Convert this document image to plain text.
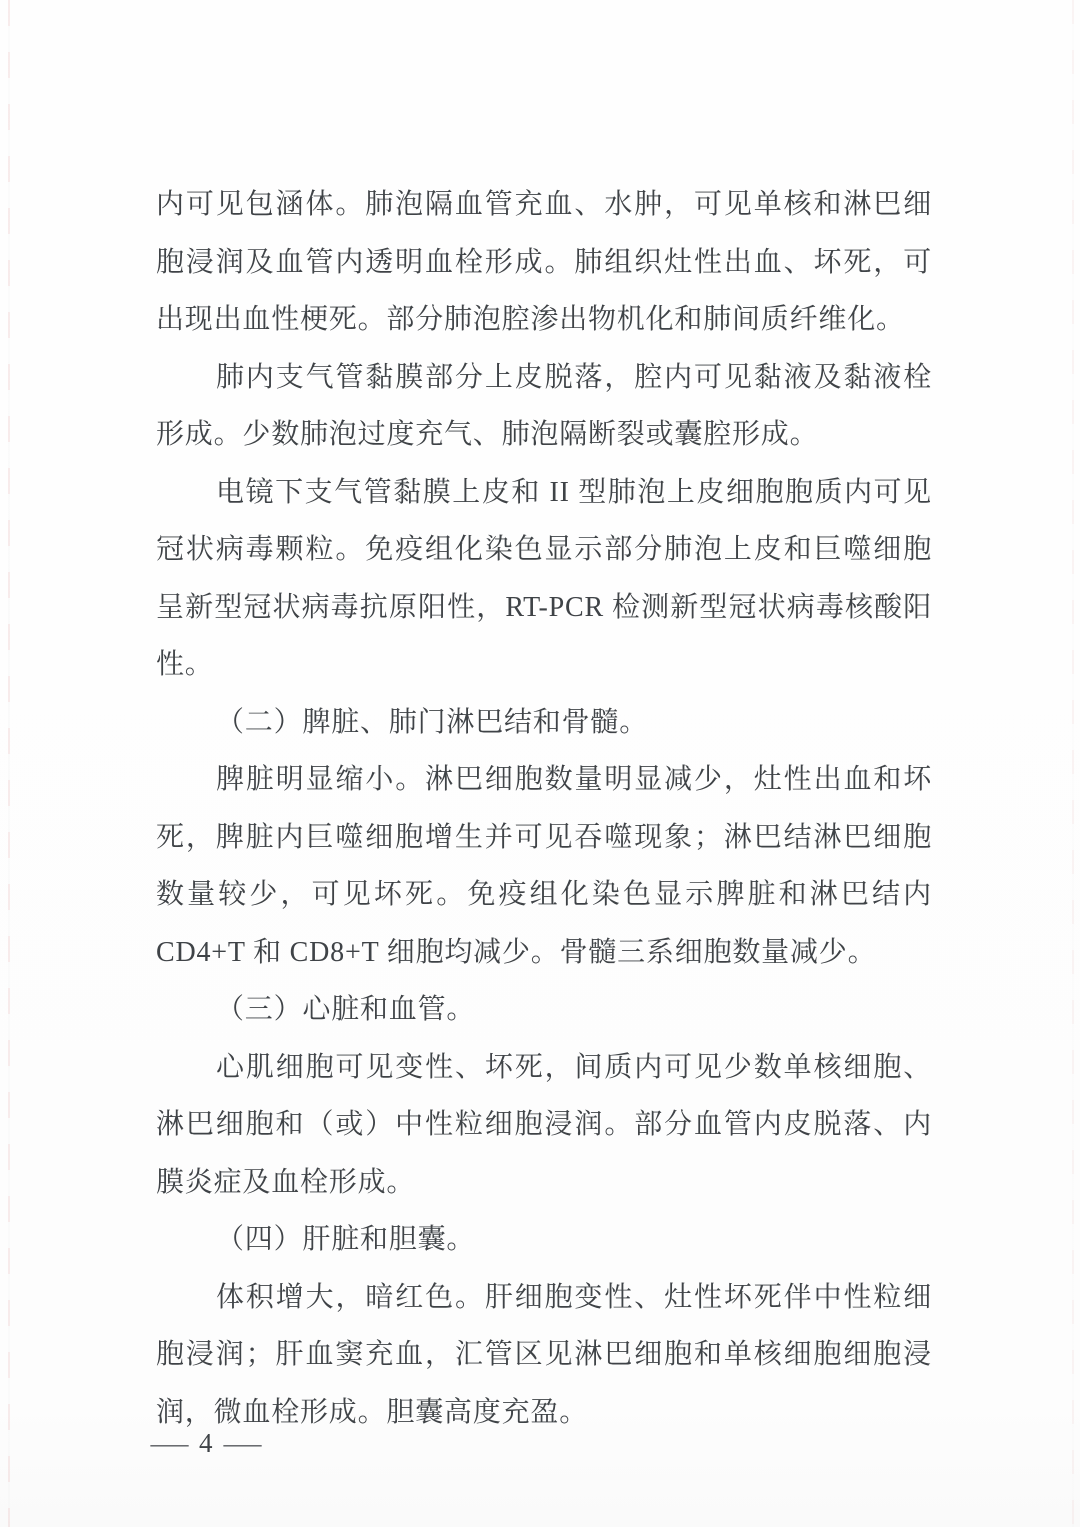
内可见包涵体。肺泡隔血管充血、水肿，可见单核和淋巴细胞浸润及血管内透明血栓形成。肺组织灶性出血、坏死，可出现出血性梗死。部分肺泡腔渗出物机化和肺间质纤维化。

肺内支气管黏膜部分上皮脱落，腔内可见黏液及黏液栓形成。少数肺泡过度充气、肺泡隔断裂或囊腔形成。

电镜下支气管黏膜上皮和 II 型肺泡上皮细胞胞质内可见冠状病毒颗粒。免疫组化染色显示部分肺泡上皮和巨噬细胞呈新型冠状病毒抗原阳性，RT-PCR 检测新型冠状病毒核酸阳性。

（二）脾脏、肺门淋巴结和骨髓。

脾脏明显缩小。淋巴细胞数量明显减少，灶性出血和坏死，脾脏内巨噬细胞增生并可见吞噬现象；淋巴结淋巴细胞数量较少，可见坏死。免疫组化染色显示脾脏和淋巴结内 CD4+T 和 CD8+T 细胞均减少。骨髓三系细胞数量减少。

（三）心脏和血管。

心肌细胞可见变性、坏死，间质内可见少数单核细胞、淋巴细胞和（或）中性粒细胞浸润。部分血管内皮脱落、内膜炎症及血栓形成。

（四）肝脏和胆囊。

体积增大，暗红色。肝细胞变性、灶性坏死伴中性粒细胞浸润；肝血窦充血，汇管区见淋巴细胞和单核细胞细胞浸润，微血栓形成。胆囊高度充盈。

— 4 —
